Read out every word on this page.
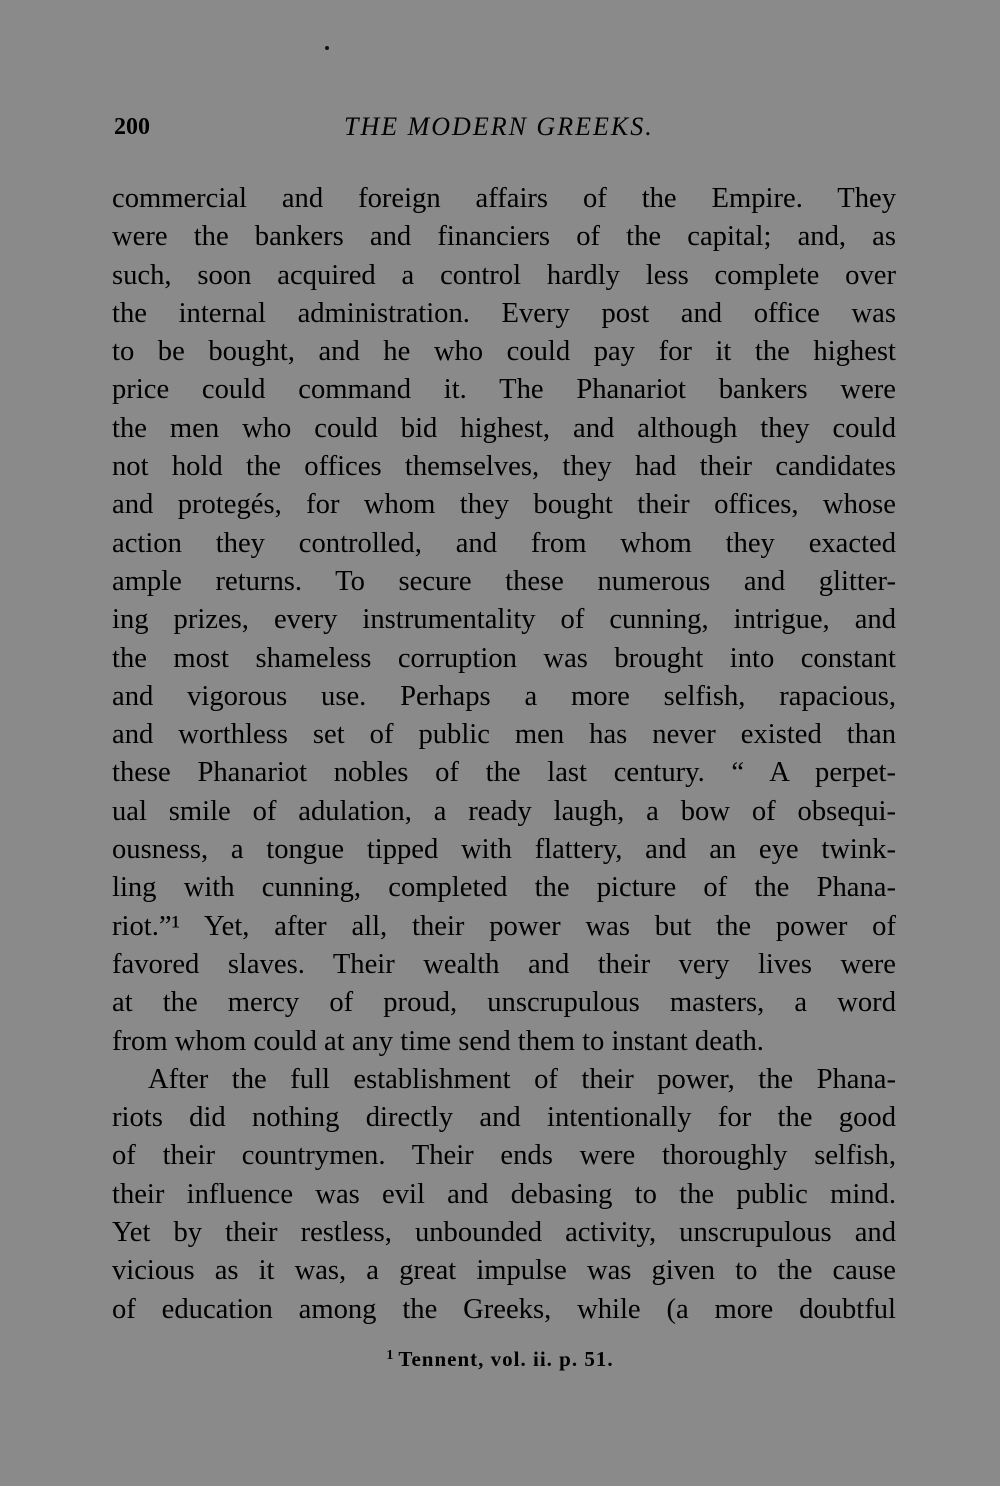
200	THE MODERN GREEKS.
commercial and foreign affairs of the Empire. They
were the bankers and financiers of the capital; and, as
such, soon acquired a control hardly less complete over
the internal administration. Every post and office was
to be bought, and he who could pay for it the highest
price could command it. The Phanariot bankers were
the men who could bid highest, and although they could
not hold the offices themselves, they had their candidates
and protegés, for whom they bought their offices, whose
action they controlled, and from whom they exacted
ample returns. To secure these numerous and glitter-
ing prizes, every instrumentality of cunning, intrigue, and
the most shameless corruption was brought into constant
and vigorous use. Perhaps a more selfish, rapacious,
and worthless set of public men has never existed than
these Phanariot nobles of the last century. “ A perpet-
ual smile of adulation, a ready laugh, a bow of obsequi-
ousness, a tongue tipped with flattery, and an eye twink-
ling with cunning, completed the picture of the Phana-
riot.”¹ Yet, after all, their power was but the power of
favored slaves. Their wealth and their very lives were
at the mercy of proud, unscrupulous masters, a word
from whom could at any time send them to instant death.
After the full establishment of their power, the Phana-
riots did nothing directly and intentionally for the good
of their countrymen. Their ends were thoroughly selfish,
their influence was evil and debasing to the public mind.
Yet by their restless, unbounded activity, unscrupulous and
vicious as it was, a great impulse was given to the cause
of education among the Greeks, while (a more doubtful
$^1$ Tennent, vol. ii. p. 51.
